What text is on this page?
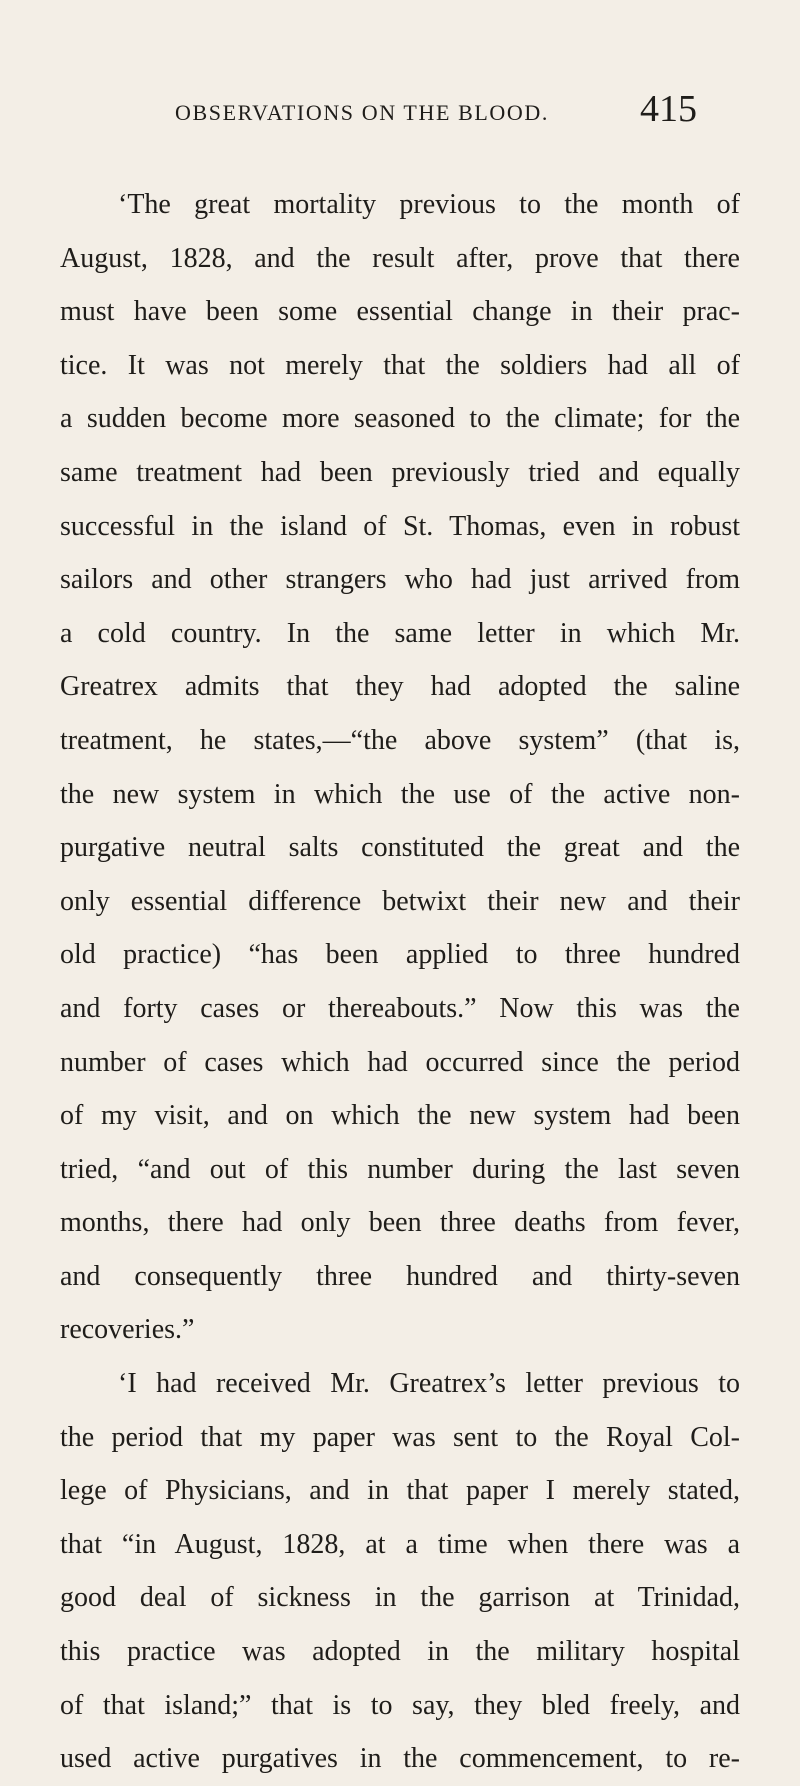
OBSERVATIONS ON THE BLOOD. 415
‘The great mortality previous to the month of
August, 1828, and the result after, prove that there
must have been some essential change in their prac-
tice. It was not merely that the soldiers had all of
a sudden become more seasoned to the climate; for the
same treatment had been previously tried and equally
successful in the island of St. Thomas, even in robust
sailors and other strangers who had just arrived from
a cold country. In the same letter in which Mr.
Greatrex admits that they had adopted the saline
treatment, he states,—“the above system” (that is,
the new system in which the use of the active non-
purgative neutral salts constituted the great and the
only essential difference betwixt their new and their
old practice) “has been applied to three hundred
and forty cases or thereabouts.” Now this was the
number of cases which had occurred since the period
of my visit, and on which the new system had been
tried, “and out of this number during the last seven
months, there had only been three deaths from fever,
and consequently three hundred and thirty-seven
recoveries.”
‘I had received Mr. Greatrex’s letter previous to
the period that my paper was sent to the Royal Col-
lege of Physicians, and in that paper I merely stated,
that “in August, 1828, at a time when there was a
good deal of sickness in the garrison at Trinidad,
this practice was adopted in the military hospital
of that island;” that is to say, they bled freely, and
used active purgatives in the commencement, to re-
